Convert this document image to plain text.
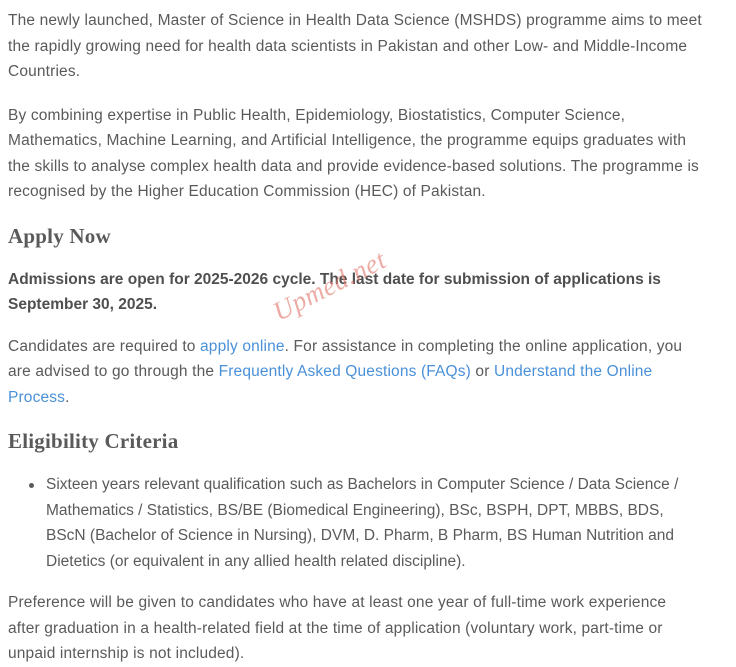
The newly launched, Master of Science in Health Data Science (MSHDS) programme aims to meet the rapidly growing need for health data scientists in Pakistan and other Low- and Middle-Income Countries.

By combining expertise in Public Health, Epidemiology, Biostatistics, Computer Science, Mathematics, Machine Learning, and Artificial Intelligence, the programme equips graduates with the skills to analyse complex health data and provide evidence-based solutions. The programme is recognised by the Higher Education Commission (HEC) of Pakistan.

Apply Now

Admissions are open for 2025-2026 cycle. The last date for submission of applications is September 30, 2025.

Candidates are required to apply online. For assistance in completing the online application, you are advised to go through the Frequently Asked Questions (FAQs) or Understand the Online Process.

Eligibility Criteria
Sixteen years relevant qualification such as Bachelors in Computer Science / Data Science / Mathematics / Statistics, BS/BE (Biomedical Engineering), BSc, BSPH, DPT, MBBS, BDS, BScN (Bachelor of Science in Nursing), DVM, D. Pharm, B Pharm, BS Human Nutrition and Dietetics (or equivalent in any allied health related discipline).

Preference will be given to candidates who have at least one year of full-time work experience after graduation in a health-related field at the time of application (voluntary work, part-time or unpaid internship is not included).

Upmed.net
